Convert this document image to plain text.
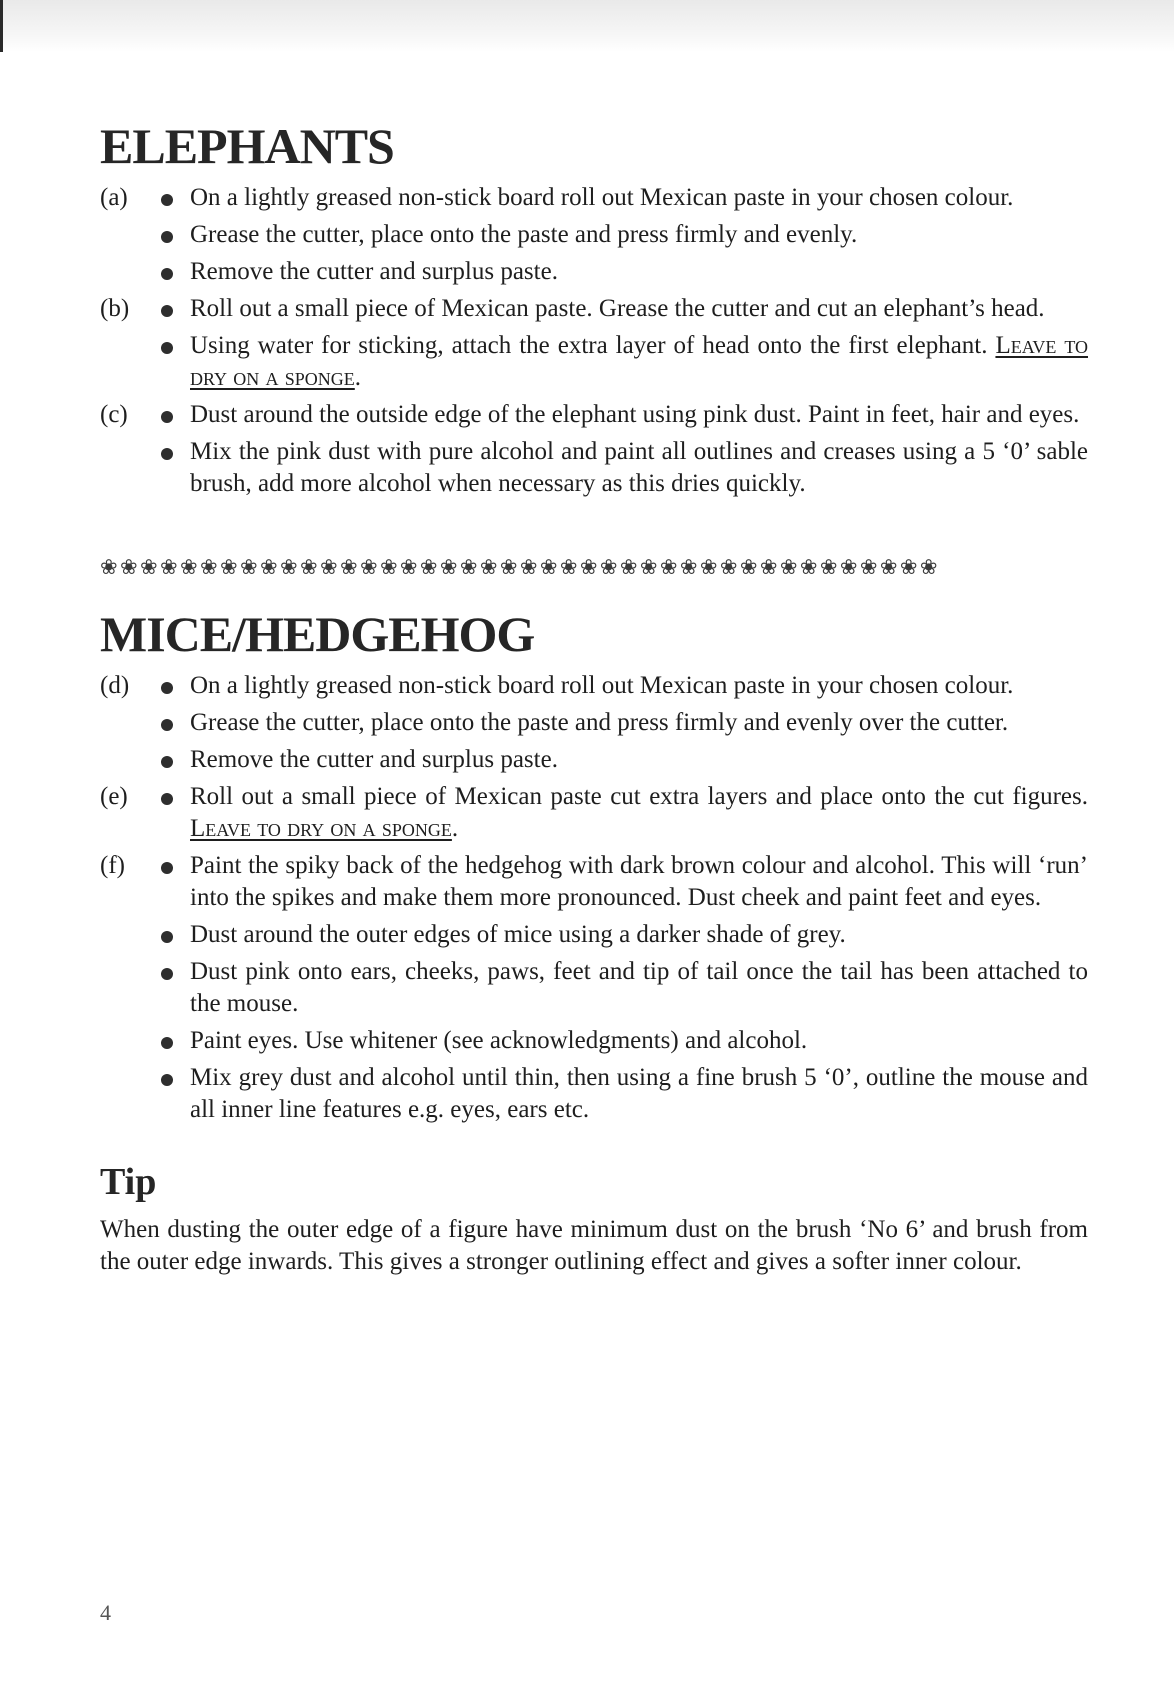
ELEPHANTS
(a)	On a lightly greased non-stick board roll out Mexican paste in your chosen colour.
Grease the cutter, place onto the paste and press firmly and evenly.
Remove the cutter and surplus paste.
(b)	Roll out a small piece of Mexican paste. Grease the cutter and cut an elephant’s head.
Using water for sticking, attach the extra layer of head onto the first elephant. Leave to dry on a sponge.
(c)	Dust around the outside edge of the elephant using pink dust. Paint in feet, hair and eyes.
Mix the pink dust with pure alcohol and paint all outlines and creases using a 5 ‘0’ sable brush, add more alcohol when necessary as this dries quickly.
❀❀❀❀❀❀❀❀❀❀❀❀❀❀❀❀❀❀❀❀❀❀❀❀❀❀❀❀❀❀❀❀❀❀❀❀❀❀❀❀❀❀
MICE/HEDGEHOG
(d)	On a lightly greased non-stick board roll out Mexican paste in your chosen colour.
Grease the cutter, place onto the paste and press firmly and evenly over the cutter.
Remove the cutter and surplus paste.
(e)	Roll out a small piece of Mexican paste cut extra layers and place onto the cut figures. Leave to dry on a sponge.
(f)	Paint the spiky back of the hedgehog with dark brown colour and alcohol. This will ‘run’ into the spikes and make them more pronounced. Dust cheek and paint feet and eyes.
Dust around the outer edges of mice using a darker shade of grey.
Dust pink onto ears, cheeks, paws, feet and tip of tail once the tail has been attached to the mouse.
Paint eyes. Use whitener (see acknowledgments) and alcohol.
Mix grey dust and alcohol until thin, then using a fine brush 5 ‘0’, outline the mouse and all inner line features e.g. eyes, ears etc.
Tip
When dusting the outer edge of a figure have minimum dust on the brush ‘No 6’ and brush from the outer edge inwards. This gives a stronger outlining effect and gives a softer inner colour.
4
